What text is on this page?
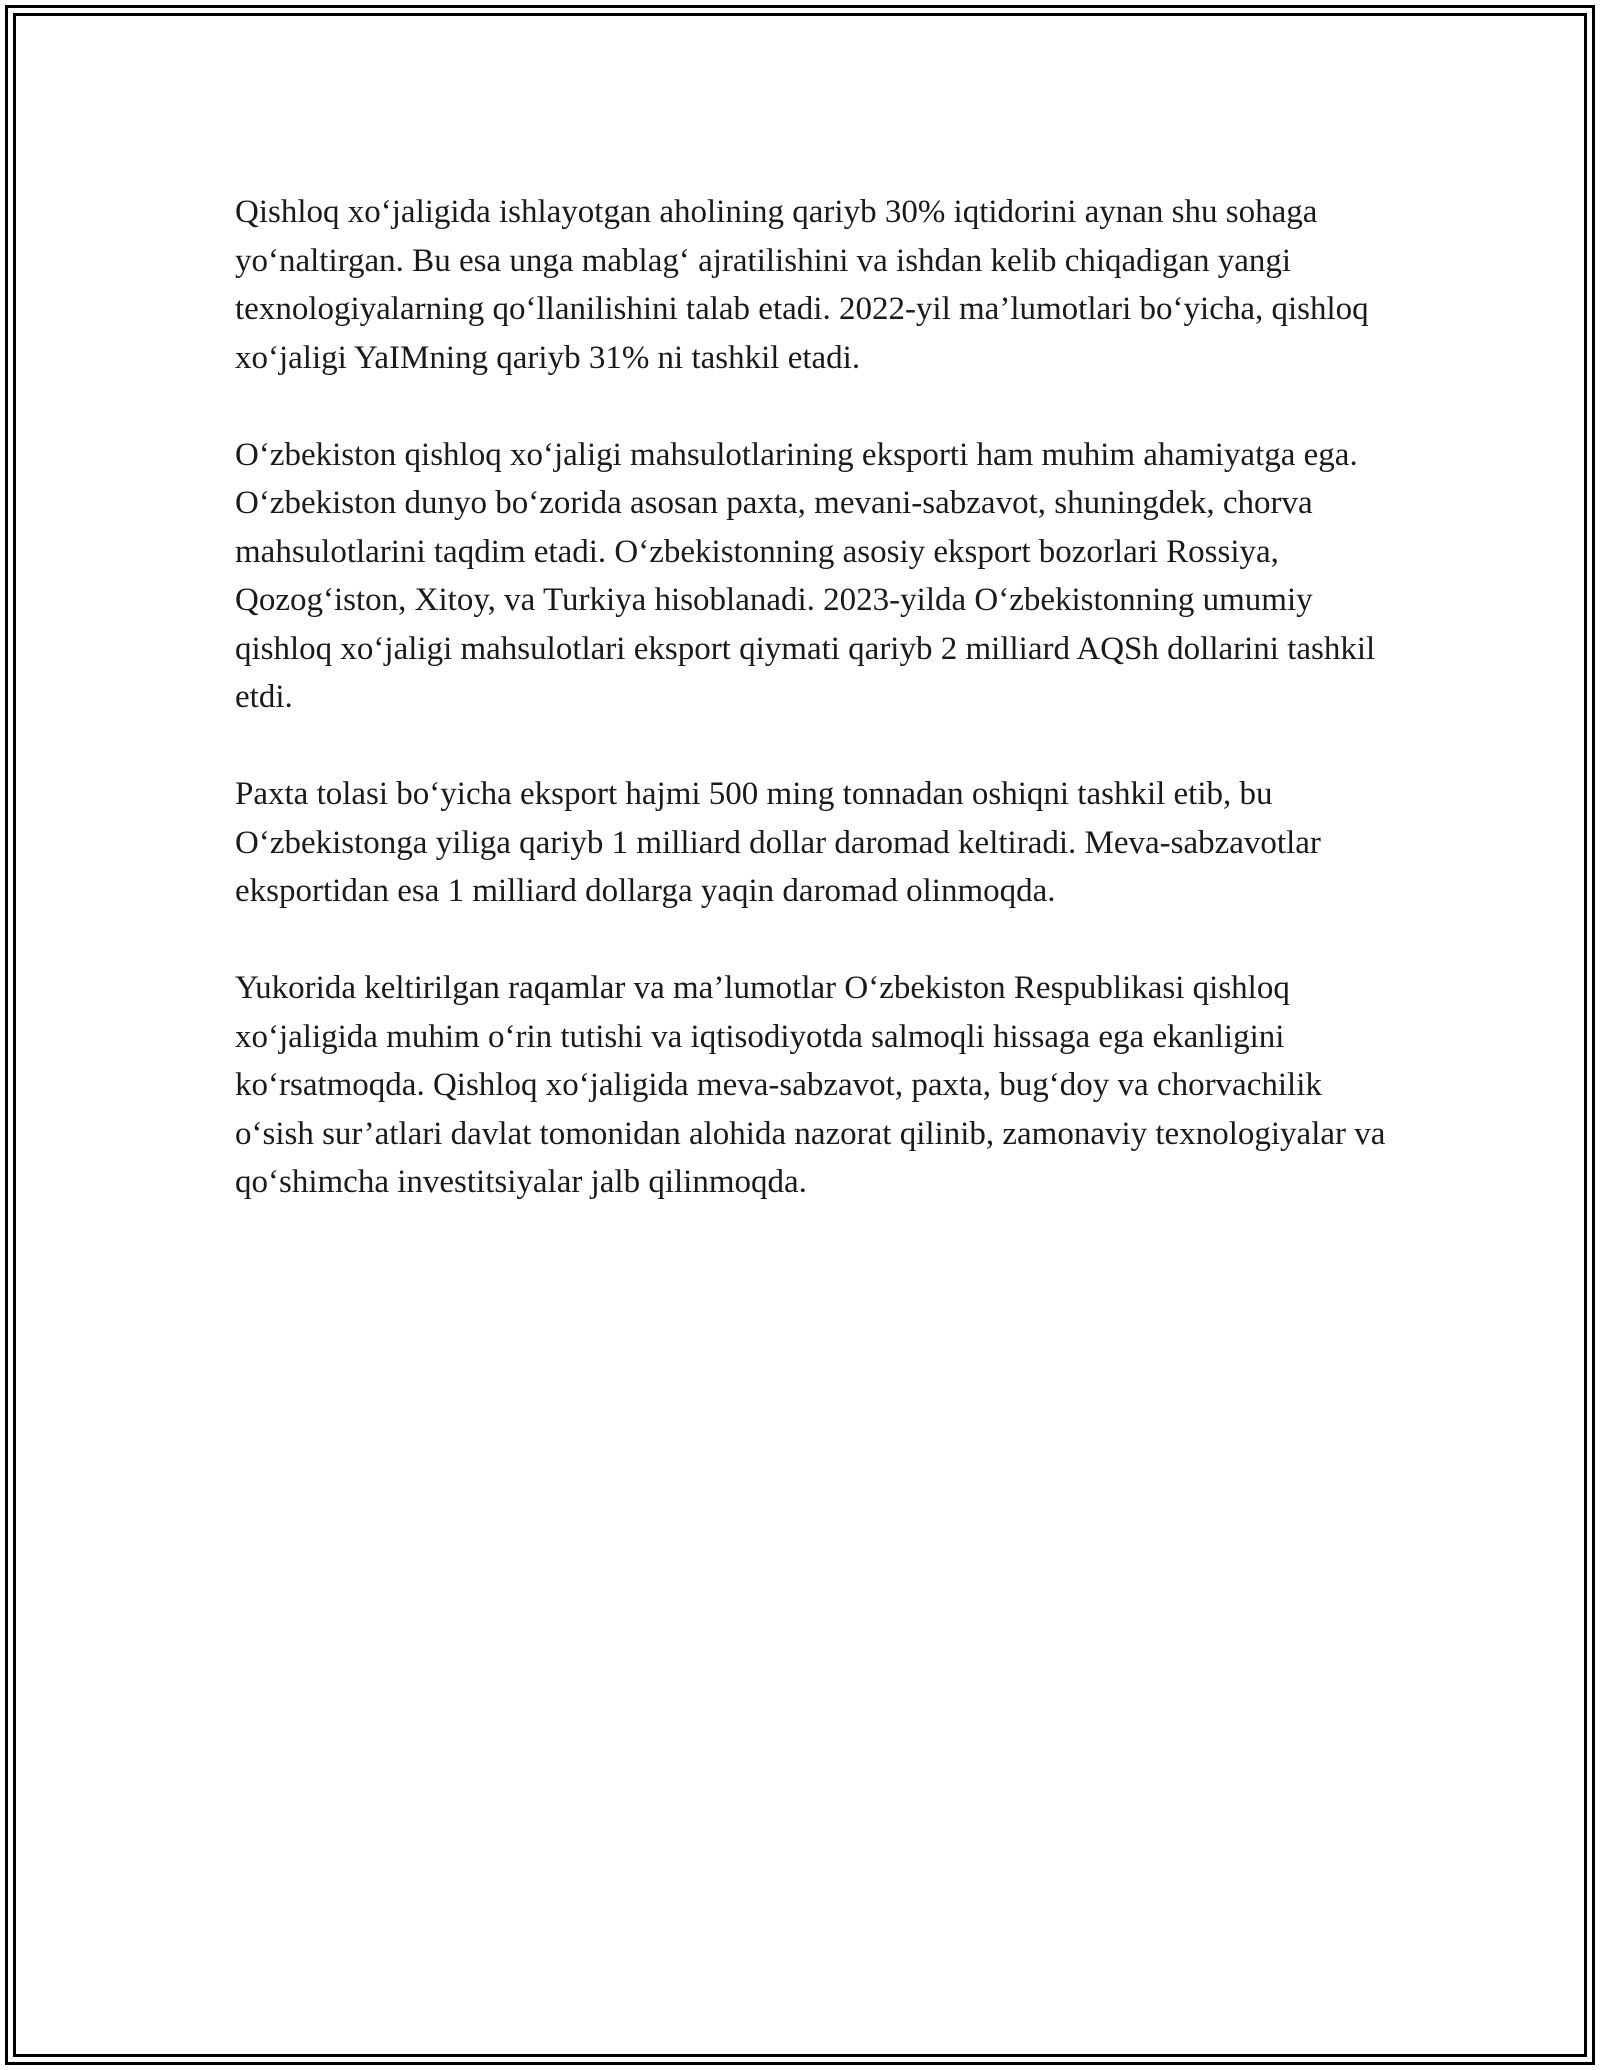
Qishloq xo‘jaligida ishlayotgan aholining qariyb 30% iqtidorini aynan shu sohaga yo‘naltirgan. Bu esa unga mablag‘ ajratilishini va ishdan kelib chiqadigan yangi texnologiyalarning qo‘llanilishini talab etadi. 2022-yil ma’lumotlari bo‘yicha, qishloq xo‘jaligi YaIMning qariyb 31% ni tashkil etadi.

O‘zbekiston qishloq xo‘jaligi mahsulotlarining eksporti ham muhim ahamiyatga ega. O‘zbekiston dunyo bo‘zorida asosan paxta, mevani-sabzavot, shuningdek, chorva mahsulotlarini taqdim etadi. O‘zbekistonning asosiy eksport bozorlari Rossiya, Qozog‘iston, Xitoy, va Turkiya hisoblanadi. 2023-yilda O‘zbekistonning umumiy qishloq xo‘jaligi mahsulotlari eksport qiymati qariyb 2 milliard AQSh dollarini tashkil etdi.

Paxta tolasi bo‘yicha eksport hajmi 500 ming tonnadan oshiqni tashkil etib, bu O‘zbekistonga yiliga qariyb 1 milliard dollar daromad keltiradi. Meva-sabzavotlar eksportidan esa 1 milliard dollarga yaqin daromad olinmoqda.

Yukorida keltirilgan raqamlar va ma’lumotlar O‘zbekiston Respublikasi qishloq xo‘jaligida muhim o‘rin tutishi va iqtisodiyotda salmoqli hissaga ega ekanligini ko‘rsatmoqda. Qishloq xo‘jaligida meva-sabzavot, paxta, bug‘doy va chorvachilik o‘sish sur’atlari davlat tomonidan alohida nazorat qilinib, zamonaviy texnologiyalar va qo‘shimcha investitsiyalar jalb qilinmoqda.
